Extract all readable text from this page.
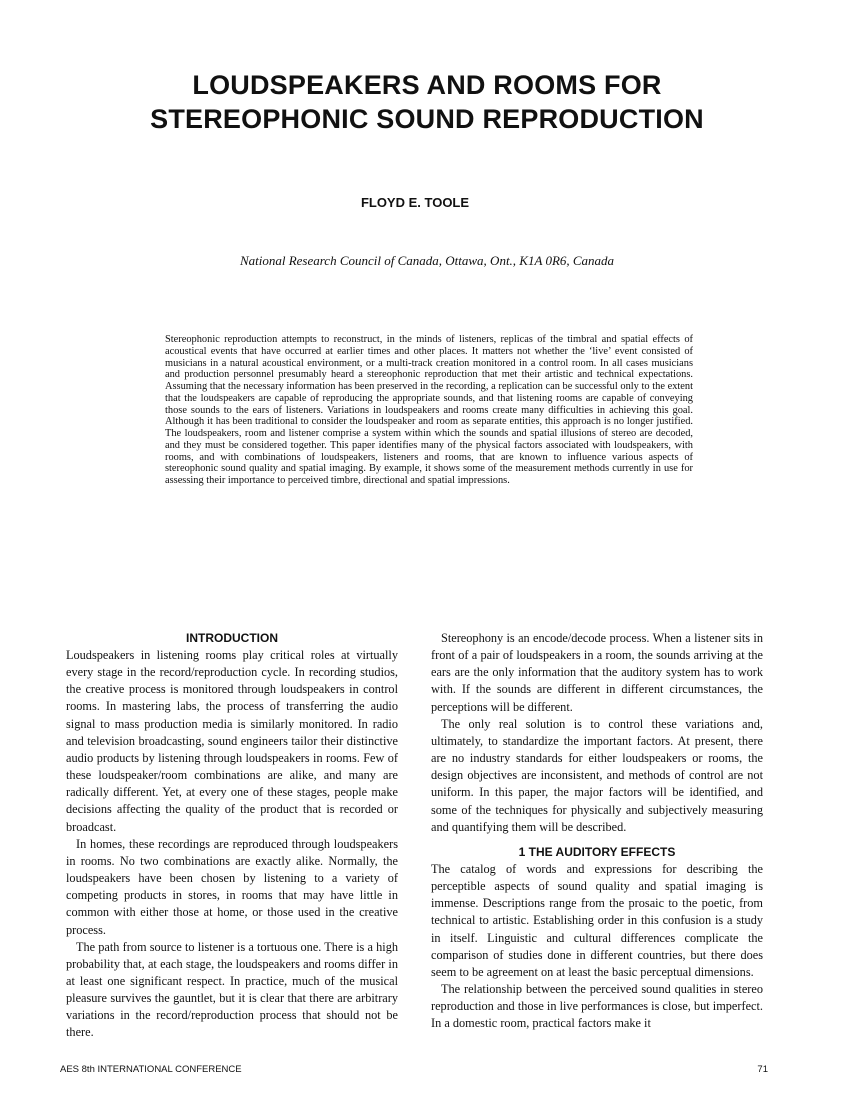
LOUDSPEAKERS AND ROOMS FOR
STEREOPHONIC SOUND REPRODUCTION
FLOYD E. TOOLE
National Research Council of Canada, Ottawa, Ont., K1A 0R6, Canada

Stereophonic reproduction attempts to reconstruct, in the minds of listeners, replicas of the timbral and spatial effects of acoustical events that have occurred at earlier times and other places. It matters not whether the ‘live’ event consisted of musicians in a natural acoustical environment, or a multi-track creation monitored in a control room. In all cases musicians and production personnel presumably heard a stereophonic reproduction that met their artistic and technical expectations. Assuming that the necessary information has been preserved in the recording, a replication can be successful only to the extent that the loudspeakers are capable of reproducing the appropriate sounds, and that listening rooms are capable of conveying those sounds to the ears of listeners. Variations in loudspeakers and rooms create many difficulties in achieving this goal. Although it has been traditional to consider the loudspeaker and room as separate entities, this approach is no longer justified. The loudspeakers, room and listener comprise a system within which the sounds and spatial illusions of stereo are decoded, and they must be considered together. This paper identifies many of the physical factors associated with loudspeakers, with rooms, and with combinations of loudspeakers, listeners and rooms, that are known to influence various aspects of stereophonic sound quality and spatial imaging. By example, it shows some of the measurement methods currently in use for assessing their importance to perceived timbre, directional and spatial impressions.

INTRODUCTION

Loudspeakers in listening rooms play critical roles at virtually every stage in the record/reproduction cycle. In recording studios, the creative process is monitored through loudspeakers in control rooms. In mastering labs, the process of transferring the audio signal to mass production media is similarly monitored. In radio and television broadcasting, sound engineers tailor their distinctive audio products by listening through loudspeakers in rooms. Few of these loudspeaker/room combinations are alike, and many are radically different. Yet, at every one of these stages, people make decisions affecting the quality of the product that is recorded or broadcast.

In homes, these recordings are reproduced through loudspeakers in rooms. No two combinations are exactly alike. Normally, the loudspeakers have been chosen by listening to a variety of competing products in stores, in rooms that may have little in common with either those at home, or those used in the creative process.

The path from source to listener is a tortuous one. There is a high probability that, at each stage, the loudspeakers and rooms differ in at least one significant respect. In practice, much of the musical pleasure survives the gauntlet, but it is clear that there are arbitrary variations in the record/reproduction process that should not be there.

Stereophony is an encode/decode process. When a listener sits in front of a pair of loudspeakers in a room, the sounds arriving at the ears are the only information that the auditory system has to work with. If the sounds are different in different circumstances, the perceptions will be different.

The only real solution is to control these variations and, ultimately, to standardize the important factors. At present, there are no industry standards for either loudspeakers or rooms, the design objectives are inconsistent, and methods of control are not uniform. In this paper, the major factors will be identified, and some of the techniques for physically and subjectively measuring and quantifying them will be described.

1 THE AUDITORY EFFECTS

The catalog of words and expressions for describing the perceptible aspects of sound quality and spatial imaging is immense. Descriptions range from the prosaic to the poetic, from technical to artistic. Establishing order in this confusion is a study in itself. Linguistic and cultural differences complicate the comparison of studies done in different countries, but there does seem to be agreement on at least the basic perceptual dimensions.

The relationship between the perceived sound qualities in stereo reproduction and those in live performances is close, but imperfect. In a domestic room, practical factors make it

AES 8th INTERNATIONAL CONFERENCE	71
